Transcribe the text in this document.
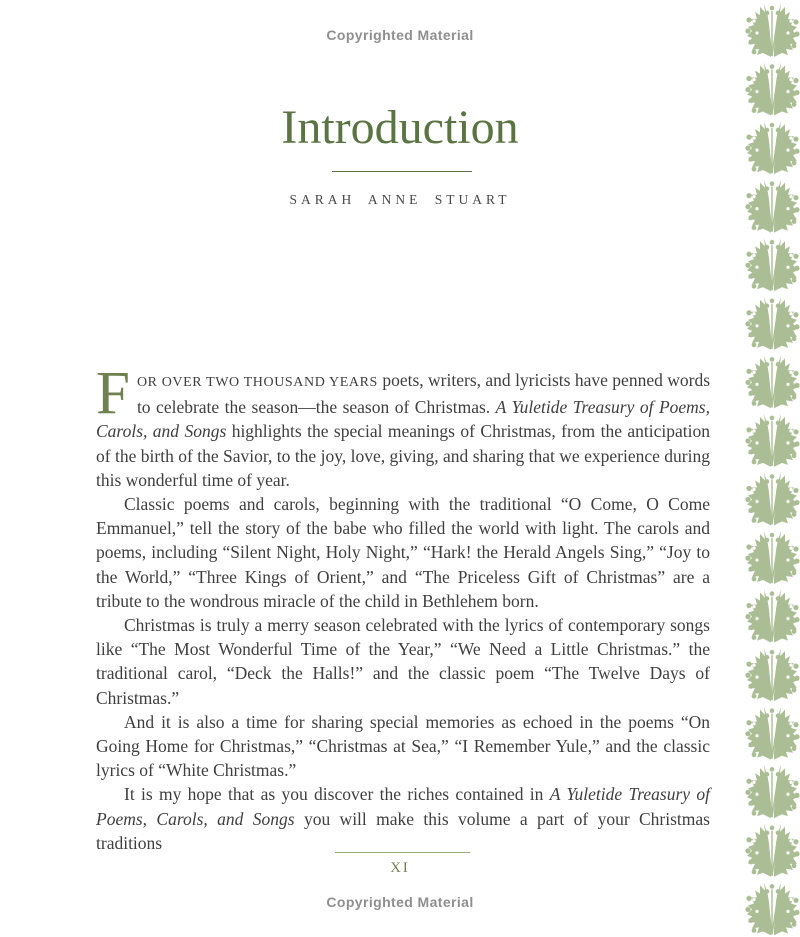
Copyrighted Material
Introduction
SARAH ANNE STUART

FOR OVER TWO THOUSAND YEARS poets, writers, and lyricists have penned words to celebrate the season—the season of Christmas. A Yuletide Treasury of Poems, Carols, and Songs highlights the special meanings of Christmas, from the anticipation of the birth of the Savior, to the joy, love, giving, and sharing that we experience during this wonderful time of year.

Classic poems and carols, beginning with the traditional “O Come, O Come Emmanuel,” tell the story of the babe who filled the world with light. The carols and poems, including “Silent Night, Holy Night,” “Hark! the Herald Angels Sing,” “Joy to the World,” “Three Kings of Orient,” and “The Priceless Gift of Christmas” are a tribute to the wondrous miracle of the child in Bethlehem born.

Christmas is truly a merry season celebrated with the lyrics of contemporary songs like “The Most Wonderful Time of the Year,” “We Need a Little Christmas.” the traditional carol, “Deck the Halls!” and the classic poem “The Twelve Days of Christmas.”

And it is also a time for sharing special memories as echoed in the poems “On Going Home for Christmas,” “Christmas at Sea,” “I Remember Yule,” and the classic lyrics of “White Christmas.”

It is my hope that as you discover the riches contained in A Yuletide Treasury of Poems, Carols, and Songs you will make this volume a part of your Christmas traditions

XI
Copyrighted Material
